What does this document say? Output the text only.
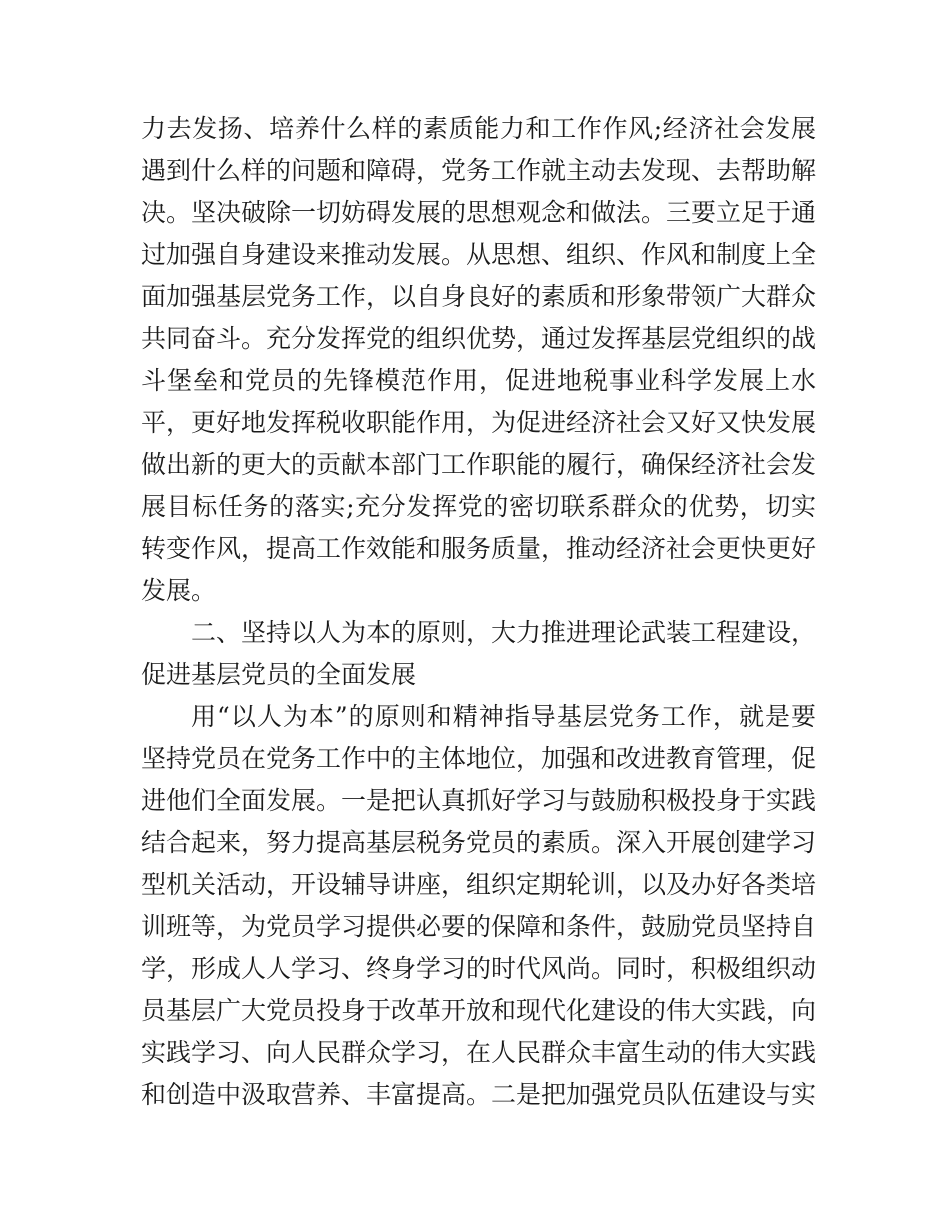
力去发扬、培养什么样的素质能力和工作作风;经济社会发展
遇到什么样的问题和障碍，党务工作就主动去发现、去帮助解
决。坚决破除一切妨碍发展的思想观念和做法。三要立足于通
过加强自身建设来推动发展。从思想、组织、作风和制度上全
面加强基层党务工作，以自身良好的素质和形象带领广大群众
共同奋斗。充分发挥党的组织优势，通过发挥基层党组织的战
斗堡垒和党员的先锋模范作用，促进地税事业科学发展上水
平，更好地发挥税收职能作用，为促进经济社会又好又快发展
做出新的更大的贡献本部门工作职能的履行，确保经济社会发
展目标任务的落实;充分发挥党的密切联系群众的优势，切实
转变作风，提高工作效能和服务质量，推动经济社会更快更好
发展。
二、坚持以人为本的原则，大力推进理论武装工程建设，
促进基层党员的全面发展
用“以人为本”的原则和精神指导基层党务工作，就是要
坚持党员在党务工作中的主体地位，加强和改进教育管理，促
进他们全面发展。一是把认真抓好学习与鼓励积极投身于实践
结合起来，努力提高基层税务党员的素质。深入开展创建学习
型机关活动，开设辅导讲座，组织定期轮训，以及办好各类培
训班等，为党员学习提供必要的保障和条件，鼓励党员坚持自
学，形成人人学习、终身学习的时代风尚。同时，积极组织动
员基层广大党员投身于改革开放和现代化建设的伟大实践，向
实践学习、向人民群众学习，在人民群众丰富生动的伟大实践
和创造中汲取营养、丰富提高。二是把加强党员队伍建设与实
